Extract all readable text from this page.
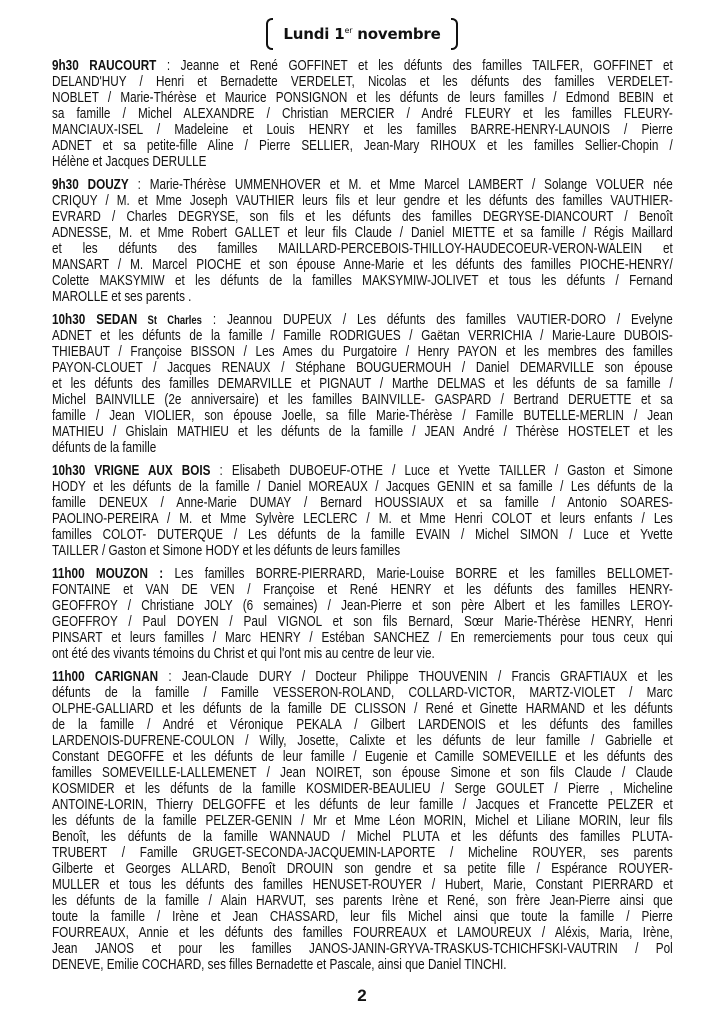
Lundi 1er novembre
9h30 RAUCOURT : Jeanne et René GOFFINET et les défunts des familles TAILFER, GOFFINET et
DELAND'HUY / Henri et Bernadette VERDELET, Nicolas et les défunts des familles VERDELET-
NOBLET / Marie-Thérèse et Maurice PONSIGNON et les défunts de leurs familles / Edmond BEBIN et
sa famille / Michel ALEXANDRE / Christian MERCIER / André FLEURY et les familles FLEURY-
MANCIAUX-ISEL / Madeleine et Louis HENRY et les familles BARRE-HENRY-LAUNOIS / Pierre
ADNET et sa petite-fille Aline / Pierre SELLIER, Jean-Mary RIHOUX et les familles Sellier-Chopin /
Hélène et Jacques DERULLE
9h30 DOUZY : Marie-Thérèse UMMENHOVER et M. et Mme Marcel LAMBERT / Solange VOLUER née
CRIQUY / M. et Mme Joseph VAUTHIER leurs fils et leur gendre et les défunts des familles VAUTHIER-
EVRARD / Charles DEGRYSE, son fils et les défunts des familles DEGRYSE-DIANCOURT / Benoît
ADNESSE, M. et Mme Robert GALLET et leur fils Claude / Daniel MIETTE et sa famille / Régis Maillard
et les défunts des familles MAILLARD-PERCEBOIS-THILLOY-HAUDECOEUR-VERON-WALEIN et
MANSART / M. Marcel PIOCHE et son épouse Anne-Marie et les défunts des familles PIOCHE-HENRY/
Colette MAKSYMIW et les défunts de la familles MAKSYMIW-JOLIVET et tous les défunts / Fernand
MAROLLE et ses parents .
10h30 SEDAN St Charles : Jeannou DUPEUX / Les défunts des familles VAUTIER-DORO / Evelyne
ADNET et les défunts de la famille / Famille RODRIGUES / Gaëtan VERRICHIA / Marie-Laure DUBOIS-
THIEBAUT / Françoise BISSON / Les Ames du Purgatoire / Henry PAYON et les membres des familles
PAYON-CLOUET / Jacques RENAUX / Stéphane BOUGUERMOUH / Daniel DEMARVILLE son épouse
et les défunts des familles DEMARVILLE et PIGNAUT / Marthe DELMAS et les défunts de sa famille /
Michel BAINVILLE (2e anniversaire) et les familles BAINVILLE- GASPARD / Bertrand DERUETTE et sa
famille / Jean VIOLIER, son épouse Joelle, sa fille Marie-Thérèse / Famille BUTELLE-MERLIN / Jean
MATHIEU / Ghislain MATHIEU et les défunts de la famille / JEAN André / Thérèse HOSTELET et les
défunts de la famille
10h30 VRIGNE AUX BOIS : Elisabeth DUBOEUF-OTHE / Luce et Yvette TAILLER / Gaston et Simone
HODY et les défunts de la famille / Daniel MOREAUX / Jacques GENIN et sa famille / Les défunts de la
famille DENEUX / Anne-Marie DUMAY / Bernard HOUSSIAUX et sa famille / Antonio SOARES-
PAOLINO-PEREIRA / M. et Mme Sylvère LECLERC / M. et Mme Henri COLOT et leurs enfants / Les
familles COLOT- DUTERQUE / Les défunts de la famille EVAIN / Michel SIMON / Luce et Yvette
TAILLER / Gaston et Simone HODY et les défunts de leurs familles
11h00 MOUZON : Les familles BORRE-PIERRARD, Marie-Louise BORRE et les familles BELLOMET-
FONTAINE et VAN DE VEN / Françoise et René HENRY et les défunts des familles HENRY-
GEOFFROY / Christiane JOLY (6 semaines) / Jean-Pierre et son père Albert et les familles LEROY-
GEOFFROY / Paul DOYEN / Paul VIGNOL et son fils Bernard, Sœur Marie-Thérèse HENRY, Henri
PINSART et leurs familles / Marc HENRY / Estéban SANCHEZ / En remerciements pour tous ceux qui
ont été des vivants témoins du Christ et qui l'ont mis au centre de leur vie.
11h00 CARIGNAN : Jean-Claude DURY / Docteur Philippe THOUVENIN / Francis GRAFTIAUX et les
défunts de la famille / Famille VESSERON-ROLAND, COLLARD-VICTOR, MARTZ-VIOLET / Marc
OLPHE-GALLIARD et les défunts de la famille DE CLISSON / René et Ginette HARMAND et les défunts
de la famille / André et Véronique PEKALA / Gilbert LARDENOIS et les défunts des familles
LARDENOIS-DUFRENE-COULON / Willy, Josette, Calixte et les défunts de leur famille / Gabrielle et
Constant DEGOFFE et les défunts de leur famille / Eugenie et Camille SOMEVEILLE et les défunts des
familles SOMEVEILLE-LALLEMENET / Jean NOIRET, son épouse Simone et son fils Claude / Claude
KOSMIDER et les défunts de la famille KOSMIDER-BEAULIEU / Serge GOULET / Pierre , Micheline
ANTOINE-LORIN, Thierry DELGOFFE et les défunts de leur famille / Jacques et Francette PELZER et
les défunts de la famille PELZER-GENIN / Mr et Mme Léon MORIN, Michel et Liliane MORIN, leur fils
Benoît, les défunts de la famille WANNAUD / Michel PLUTA et les défunts des familles PLUTA-
TRUBERT / Famille GRUGET-SECONDA-JACQUEMIN-LAPORTE / Micheline ROUYER, ses parents
Gilberte et Georges ALLARD, Benoît DROUIN son gendre et sa petite fille / Espérance ROUYER-
MULLER et tous les défunts des familles HENUSET-ROUYER / Hubert, Marie, Constant PIERRARD et
les défunts de la famille / Alain HARVUT, ses parents Irène et René, son frère Jean-Pierre ainsi que
toute la famille / Irène et Jean CHASSARD, leur fils Michel ainsi que toute la famille / Pierre
FOURREAUX, Annie et les défunts des familles FOURREAUX et LAMOUREUX / Aléxis, Maria, Irène,
Jean JANOS et pour les familles JANOS-JANIN-GRYVA-TRASKUS-TCHICHFSKI-VAUTRIN / Pol
DENEVE, Emilie COCHARD, ses filles Bernadette et Pascale, ainsi que Daniel TINCHI.
2
